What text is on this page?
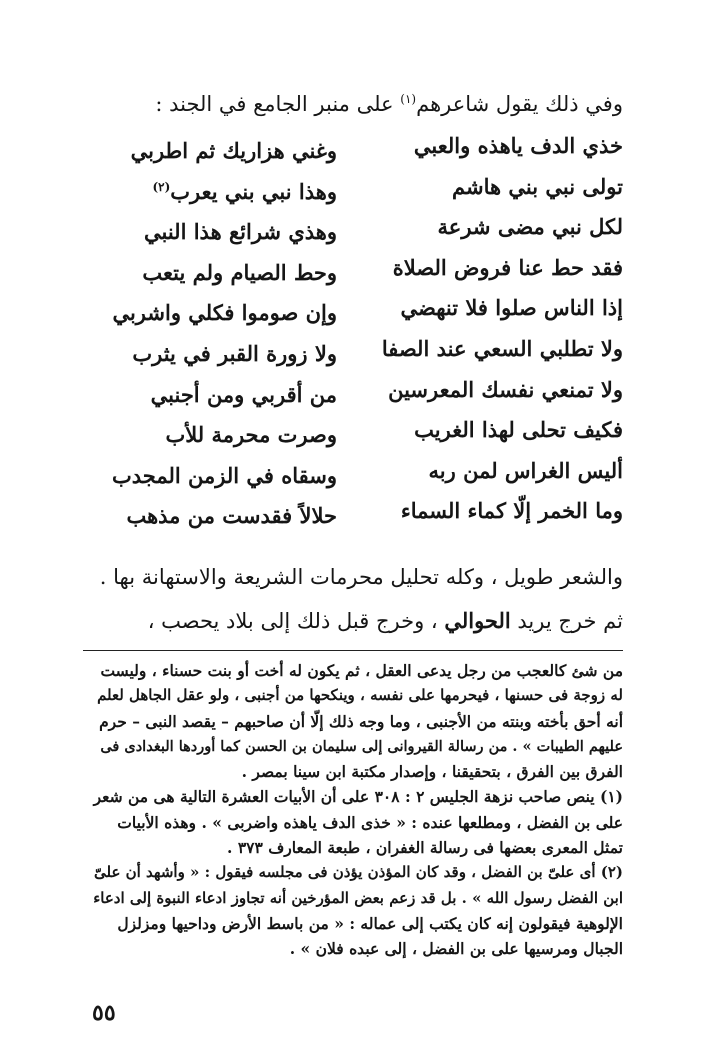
وفي ذلك يقول شاعرهم$^{(١)}$ على منبر الجامع في الجند :
خذي الدف ياهذه والعبي
وغني هزاريك ثم اطربي
تولى نبي بني هاشم
وهذا نبي بني يعرب$^{(٢)}$
لكل نبي مضى شرعة
وهذي شرائع هذا النبي
فقد حط عنا فروض الصلاة
وحط الصيام ولم يتعب
إذا الناس صلوا فلا تنهضي
وإن صوموا فكلي واشربي
ولا تطلبي السعي عند الصفا
ولا زورة القبر في يثرب
ولا تمنعي نفسك المعرسين
من أقربي ومن أجنبي
فكيف تحلى لهذا الغريب
وصرت محرمة للأب
أليس الغراس لمن ربه
وسقاه في الزمن المجدب
وما الخمر إلّا كماء السماء
حلالاً فقدست من مذهب
والشعر طويل ، وكله تحليل محرمات الشريعة والاستهانة بها .
ثم خرج يريد الحوالي ، وخرج قبل ذلك إلى بلاد يحصب ،
من شئ كالعجب من رجل يدعى العقل ، ثم يكون له أخت أو بنت حسناء ، وليست
له زوجة فى حسنها ، فيحرمها على نفسه ، وينكحها من أجنبى ، ولو عقل الجاهل لعلم
أنه أحق بأخته وبنته من الأجنبى ، وما وجه ذلك إلّا أن صاحبهم – يقصد النبى – حرم
عليهم الطيبات » . من رسالة القيروانى إلى سليمان بن الحسن كما أوردها البغدادى فى
الفرق بين الفرق ، بتحقيقنا ، وإصدار مكتبة ابن سينا بمصر .
(١) ينص صاحب نزهة الجليس ٢ : ٣٠٨ على أن الأبيات العشرة التالية هى من شعر
على بن الفضل ، ومطلعها عنده : « خذى الدف ياهذه واضربى » . وهذه الأبيات
تمثل المعرى بعضها فى رسالة الغفران ، طبعة المعارف ٣٧٣ .
(٢) أى علىّ بن الفضل ، وقد كان المؤذن يؤذن فى مجلسه فيقول : « وأشهد أن علىّ
ابن الفضل رسول الله » . بل قد زعم بعض المؤرخين أنه تجاوز ادعاء النبوة إلى ادعاء
الإلوهية فيقولون إنه كان يكتب إلى عماله : « من باسط الأرض وداحيها ومزلزل
الجبال ومرسيها على بن الفضل ، إلى عبده فلان » .
٥٥
